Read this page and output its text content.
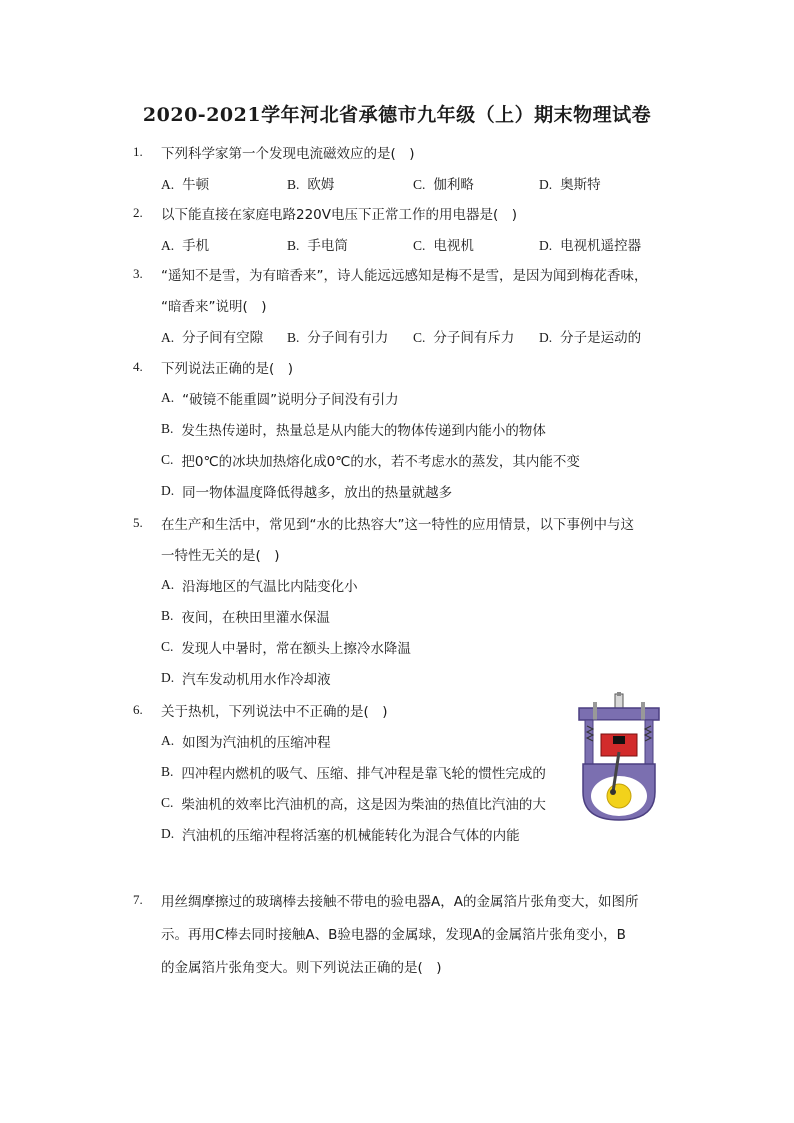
2020-2021学年河北省承德市九年级（上）期末物理试卷
1.	下列科学家第一个发现电流磁效应的是(　)
A. 牛顿	B. 欧姆	C. 伽利略	D. 奥斯特
2.	以下能直接在家庭电路220V电压下正常工作的用电器是(　)
A. 手机	B. 手电筒	C. 电视机	D. 电视机遥控器
3.	“遥知不是雪，为有暗香来”，诗人能远远感知是梅不是雪，是因为闻到梅花香味，
“暗香来”说明(　)
A. 分子间有空隙	B. 分子间有引力	C. 分子间有斥力	D. 分子是运动的
4.	下列说法正确的是(　)
A. “破镜不能重圆”说明分子间没有引力
B. 发生热传递时，热量总是从内能大的物体传递到内能小的物体
C. 把0℃的冰块加热熔化成0℃的水，若不考虑水的蒸发，其内能不变
D. 同一物体温度降低得越多，放出的热量就越多
5.	在生产和生活中，常见到“水的比热容大”这一特性的应用情景，以下事例中与这
一特性无关的是(　)
A. 沿海地区的气温比内陆变化小
B. 夜间，在秧田里灌水保温
C. 发现人中暑时，常在额头上擦冷水降温
D. 汽车发动机用水作冷却液
6.	关于热机，下列说法中不正确的是(　)
A. 如图为汽油机的压缩冲程
B. 四冲程内燃机的吸气、压缩、排气冲程是靠飞轮的惯性完成的
C. 柴油机的效率比汽油机的高，这是因为柴油的热值比汽油的大
D. 汽油机的压缩冲程将活塞的机械能转化为混合气体的内能
7.	用丝绸摩擦过的玻璃棒去接触不带电的验电器A，A的金属箔片张角变大，如图所
示。再用C棒去同时接触A、B验电器的金属球，发现A的金属箔片张角变小，B
的金属箔片张角变大。则下列说法正确的是(　)
